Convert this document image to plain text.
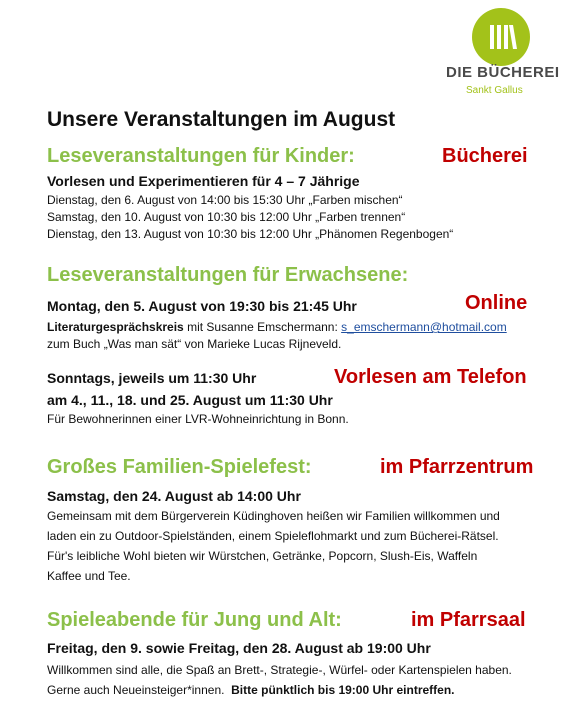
DIE BÜCHEREI
Sankt Gallus
Unsere Veranstaltungen im August
Leseveranstaltungen für Kinder:	Bücherei
Vorlesen und Experimentieren für 4 – 7 Jährige
Dienstag, den 6. August von 14:00 bis 15:30 Uhr „Farben mischen“
Samstag, den 10. August von 10:30 bis 12:00 Uhr „Farben trennen“
Dienstag, den 13. August von 10:30 bis 12:00 Uhr „Phänomen Regenbogen“
Leseveranstaltungen für Erwachsene:
Montag, den 5. August von 19:30 bis 21:45 Uhr	Online
Literaturgesprächskreis mit Susanne Emschermann: s_emschermann@hotmail.com
zum Buch „Was man sät“ von Marieke Lucas Rijneveld.
Sonntags, jeweils um 11:30 Uhr	Vorlesen am Telefon
am 4., 11., 18. und 25. August um 11:30 Uhr
Für Bewohnerinnen einer LVR-Wohneinrichtung in Bonn.
Großes Familien-Spielefest:	im Pfarrzentrum
Samstag, den 24. August ab 14:00 Uhr
Gemeinsam mit dem Bürgerverein Küdinghoven heißen wir Familien willkommen und
laden ein zu Outdoor-Spielständen, einem Spieleflohmarkt und zum Bücherei-Rätsel.
Für's leibliche Wohl bieten wir Würstchen, Getränke, Popcorn, Slush-Eis, Waffeln
Kaffee und Tee.
Spieleabende für Jung und Alt:	im Pfarrsaal
Freitag, den 9. sowie Freitag, den 28. August ab 19:00 Uhr
Willkommen sind alle, die Spaß an Brett-, Strategie-, Würfel- oder Kartenspielen haben.
Gerne auch Neueinsteiger*innen.  Bitte pünktlich bis 19:00 Uhr eintreffen.
